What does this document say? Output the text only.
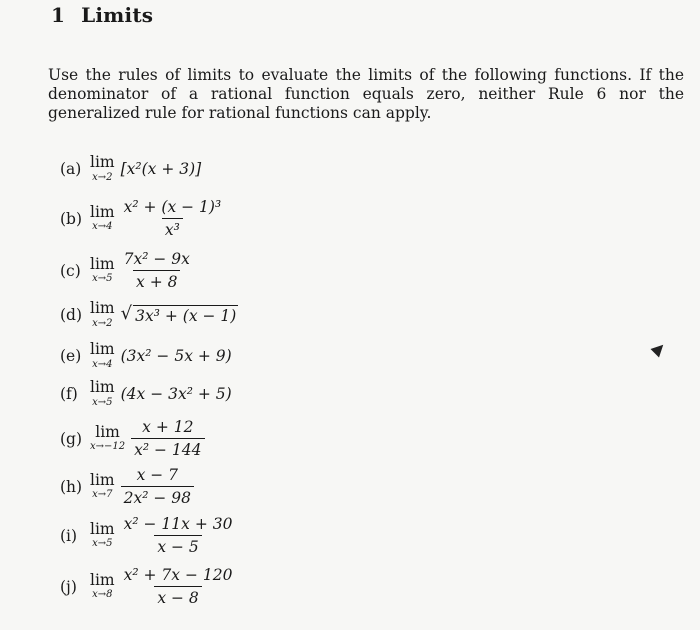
1 Limits
Use the rules of limits to evaluate the limits of the following functions. If the denominator of a rational function equals zero, neither Rule 6 nor the generalized rule for rational functions can apply.
(a) lim
x→2 [x²(x + 3)]
(b) lim
$x\to 4 \frac{\text{x² + (x − 1)³}}{\text{x³}}$
(c) lim
$x\to 5 \frac{\text{7x² − 9x}}{x + 8}$
(d) lim
x→2 √ 3x³ + (x − 1)
(e) lim
x→4 (3x² − 5x + 9)
(f) lim
x→5 (4x − 3x² + 5)
(g) lim
$x\to-12 \frac{x + 12}{\text{x² − 144}}$
(h) lim
$x\to 7 \frac{x - 7}{\text{2x² − 98}}$
(i) lim
$x\to 5 \frac{\text{x² − 11x + 30}}{x - 5}$
(j) lim
$x\to 8 \frac{\text{x² + 7x − 120}}{x - 8}$
